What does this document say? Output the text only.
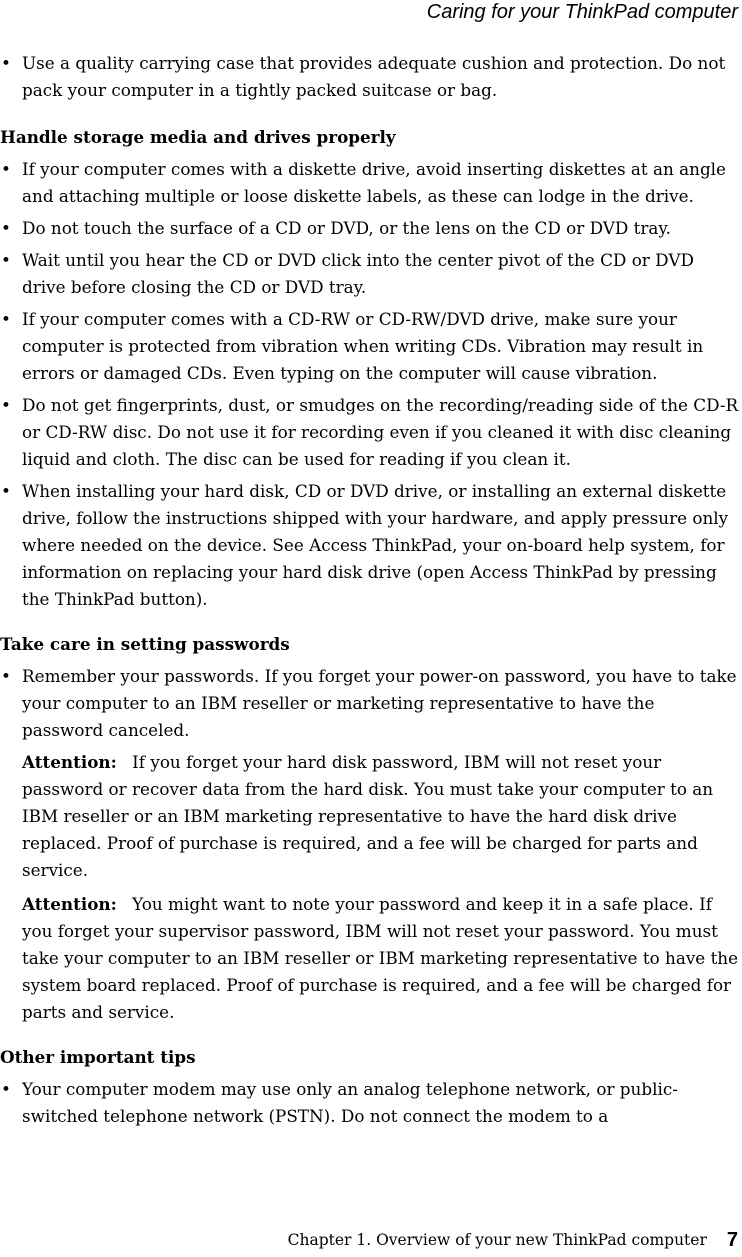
Caring for your ThinkPad computer
• Use a quality carrying case that provides adequate cushion and protection. Do not pack your computer in a tightly packed suitcase or bag.
Handle storage media and drives properly
• If your computer comes with a diskette drive, avoid inserting diskettes at an angle and attaching multiple or loose diskette labels, as these can lodge in the drive.
• Do not touch the surface of a CD or DVD, or the lens on the CD or DVD tray.
• Wait until you hear the CD or DVD click into the center pivot of the CD or DVD drive before closing the CD or DVD tray.
• If your computer comes with a CD-RW or CD-RW/DVD drive, make sure your computer is protected from vibration when writing CDs. Vibration may result in errors or damaged CDs. Even typing on the computer will cause vibration.
• Do not get fingerprints, dust, or smudges on the recording/reading side of the CD-R or CD-RW disc. Do not use it for recording even if you cleaned it with disc cleaning liquid and cloth. The disc can be used for reading if you clean it.
• When installing your hard disk, CD or DVD drive, or installing an external diskette drive, follow the instructions shipped with your hardware, and apply pressure only where needed on the device. See Access ThinkPad, your on-board help system, for information on replacing your hard disk drive (open Access ThinkPad by pressing the ThinkPad button).
Take care in setting passwords
• Remember your passwords. If you forget your power-on password, you have to take your computer to an IBM reseller or marketing representative to have the password canceled.
Attention: If you forget your hard disk password, IBM will not reset your password or recover data from the hard disk. You must take your computer to an IBM reseller or an IBM marketing representative to have the hard disk drive replaced. Proof of purchase is required, and a fee will be charged for parts and service.
Attention: You might want to note your password and keep it in a safe place. If you forget your supervisor password, IBM will not reset your password. You must take your computer to an IBM reseller or IBM marketing representative to have the system board replaced. Proof of purchase is required, and a fee will be charged for parts and service.
Other important tips
• Your computer modem may use only an analog telephone network, or public-switched telephone network (PSTN). Do not connect the modem to a
Chapter 1. Overview of your new ThinkPad computer 7
